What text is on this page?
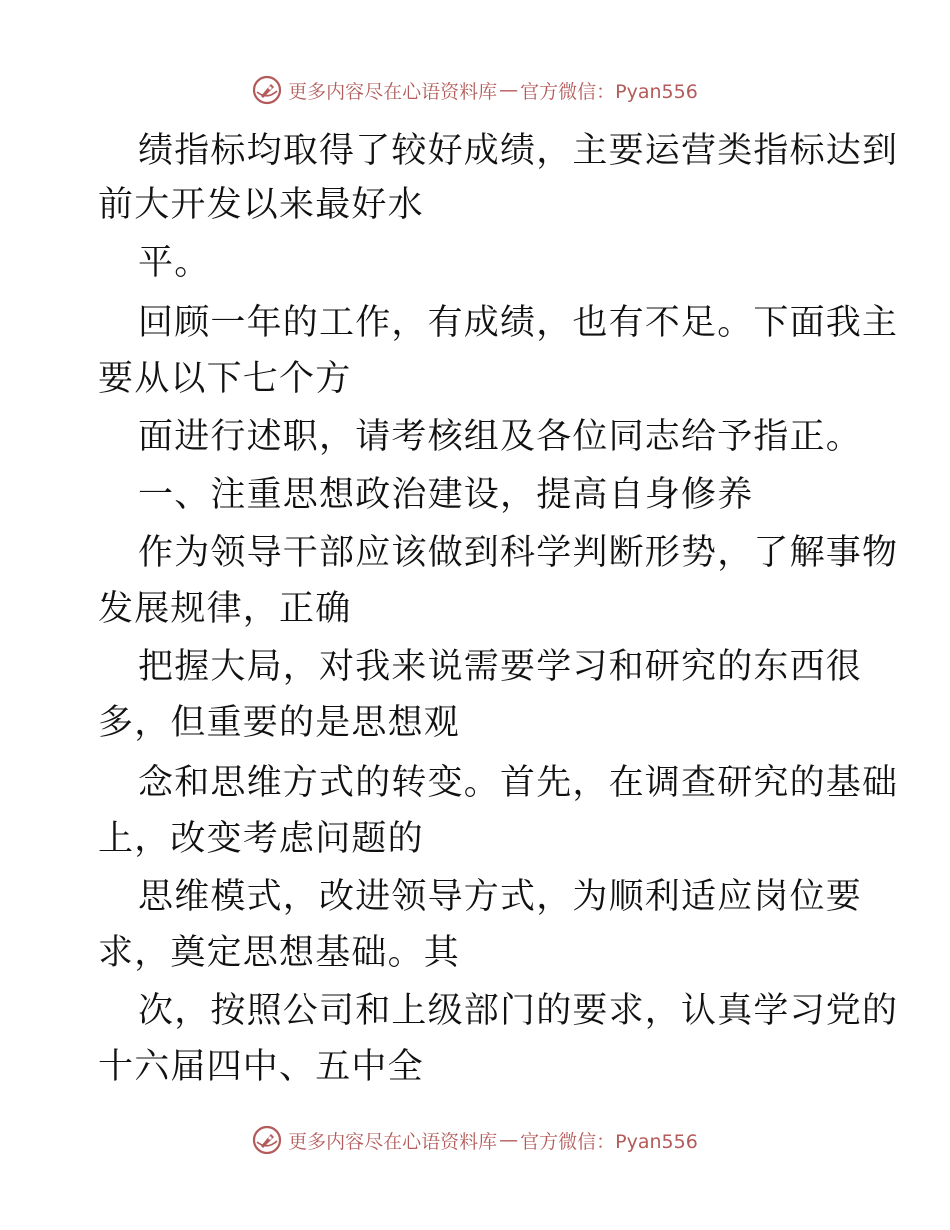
更多内容尽在心语资料库 — 官方微信：Pyan556
绩指标均取得了较好成绩，主要运营类指标达到
前大开发以来最好水
平。
回顾一年的工作，有成绩，也有不足。下面我主
要从以下七个方
面进行述职，请考核组及各位同志给予指正。
一、注重思想政治建设，提高自身修养
作为领导干部应该做到科学判断形势，了解事物
发展规律，正确
把握大局，对我来说需要学习和研究的东西很
多，但重要的是思想观
念和思维方式的转变。首先，在调查研究的基础
上，改变考虑问题的
思维模式，改进领导方式，为顺利适应岗位要
求，奠定思想基础。其
次，按照公司和上级部门的要求，认真学习党的
十六届四中、五中全
更多内容尽在心语资料库 — 官方微信：Pyan556
